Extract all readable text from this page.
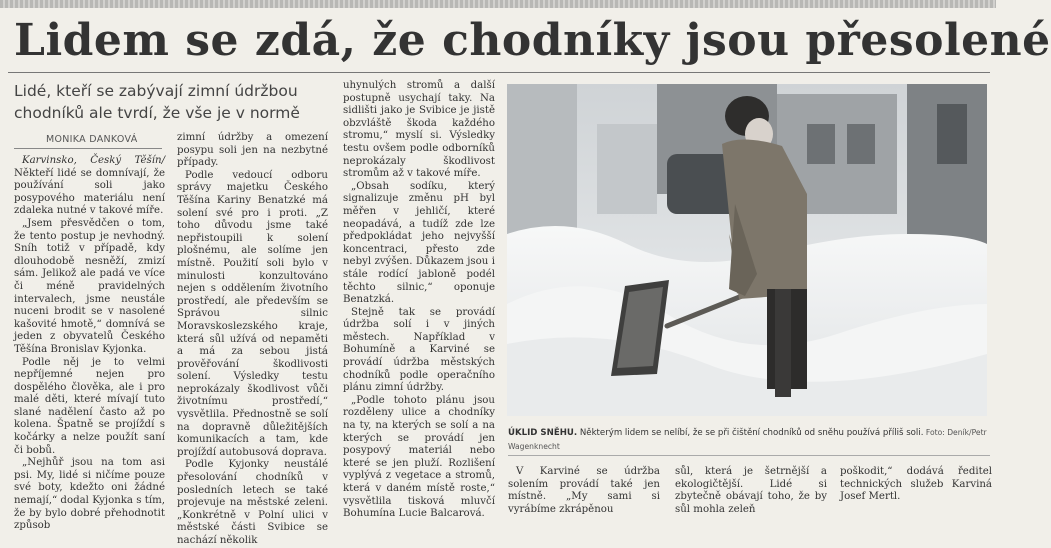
Lidem se zdá, že chodníky jsou přesolené
Lidé, kteří se zabývají zimní údržbou chodníků ale tvrdí, že vše je v normě
MONIKA DANKOVÁ

Karvinsko, Český Těšín/ Někteří lidé se domnívají, že používání soli jako posypového materiálu není zdaleka nutné v takové míře.

„Jsem přesvědčen o tom, že tento postup je nevhodný. Sníh totiž v případě, kdy dlouhodobě nesněží, zmizí sám. Jelikož ale padá ve více či méně pravidelných intervalech, jsme neustále nuceni brodit se v nasolené kašovité hmotě,“ domnívá se jeden z obyvatelů Českého Těšína Bronislav Kyjonka.

Podle něj je to velmi nepříjemné nejen pro dospělého člověka, ale i pro malé děti, které mívají tuto slané nadělení často až po kolena. Špatně se projíždí s kočárky a nelze použít saní či bobů.

„Nejhůř jsou na tom asi psi. My, lidé si ničíme pouze své boty, kdežto oni žádné nemají,“ dodal Kyjonka s tím, že by bylo dobré přehodnotit způsob

zimní údržby a omezení posypu soli jen na nezbytné případy.

Podle vedoucí odboru správy majetku Českého Těšína Kariny Benatzké má solení své pro i proti. „Z toho důvodu jsme také nepřistoupili k solení plošnému, ale solíme jen místně. Použití soli bylo v minulosti konzultováno nejen s oddělením životního prostředí, ale především se Správou silnic Moravskoslezského kraje, která sůl užívá od nepaměti a má za sebou jistá prověřování škodlivosti solení. Výsledky testu neprokázaly škodlivost vůči životnímu prostředí,“ vysvětlila. Přednostně se solí na dopravně důležitějších komunikacích a tam, kde projíždí autobusová doprava.

Podle Kyjonky neustálé přesolování chodníků v posledních letech se také projevuje na městské zeleni. „Konkrétně v Polní ulici v městské části Svibice se nachází několik

uhynulých stromů a další postupně usychají taky. Na sidlišti jako je Svibice je jistě obzvláště škoda každého stromu,“ myslí si. Výsledky testu ovšem podle odborníků neprokázaly škodlivost stromům až v takové míře.

„Obsah sodíku, který signalizuje změnu pH byl měřen v jehličí, které neopadává, a tudíž zde lze předpokládat jeho nejvyšší koncentraci, přesto zde nebyl zvýšen. Důkazem jsou i stále rodící jabloně podél těchto silnic,“ oponuje Benatzká.

Stejně tak se provádí údržba solí i v jiných městech. Například v Bohumíně a Karviné se provádí údržba městských chodníků podle operačního plánu zimní údržby.

„Podle tohoto plánu jsou rozděleny ulice a chodníky na ty, na kterých se solí a na kterých se provádí jen posypový materiál nebo které se jen pluží. Rozlišení vyplývá z vegetace a stromů, která v daném místě roste,“ vysvětlila tisková mluvčí Bohumína Lucie Balcarová.

ÚKLID SNĚHU. Některým lidem se nelíbí, že se při čištění chodníků od sněhu používá příliš soli. Foto: Deník/Petr Wagenknecht

V Karviné se údržba solením provádí také jen místně. „My sami si vyrábíme zkrápěnou

sůl, která je šetrnější a ekologičtější. Lidé si zbytečně obávají toho, že by sůl mohla zeleň

poškodit,“ dodává ředitel technických služeb Karviná Josef Mertl.
